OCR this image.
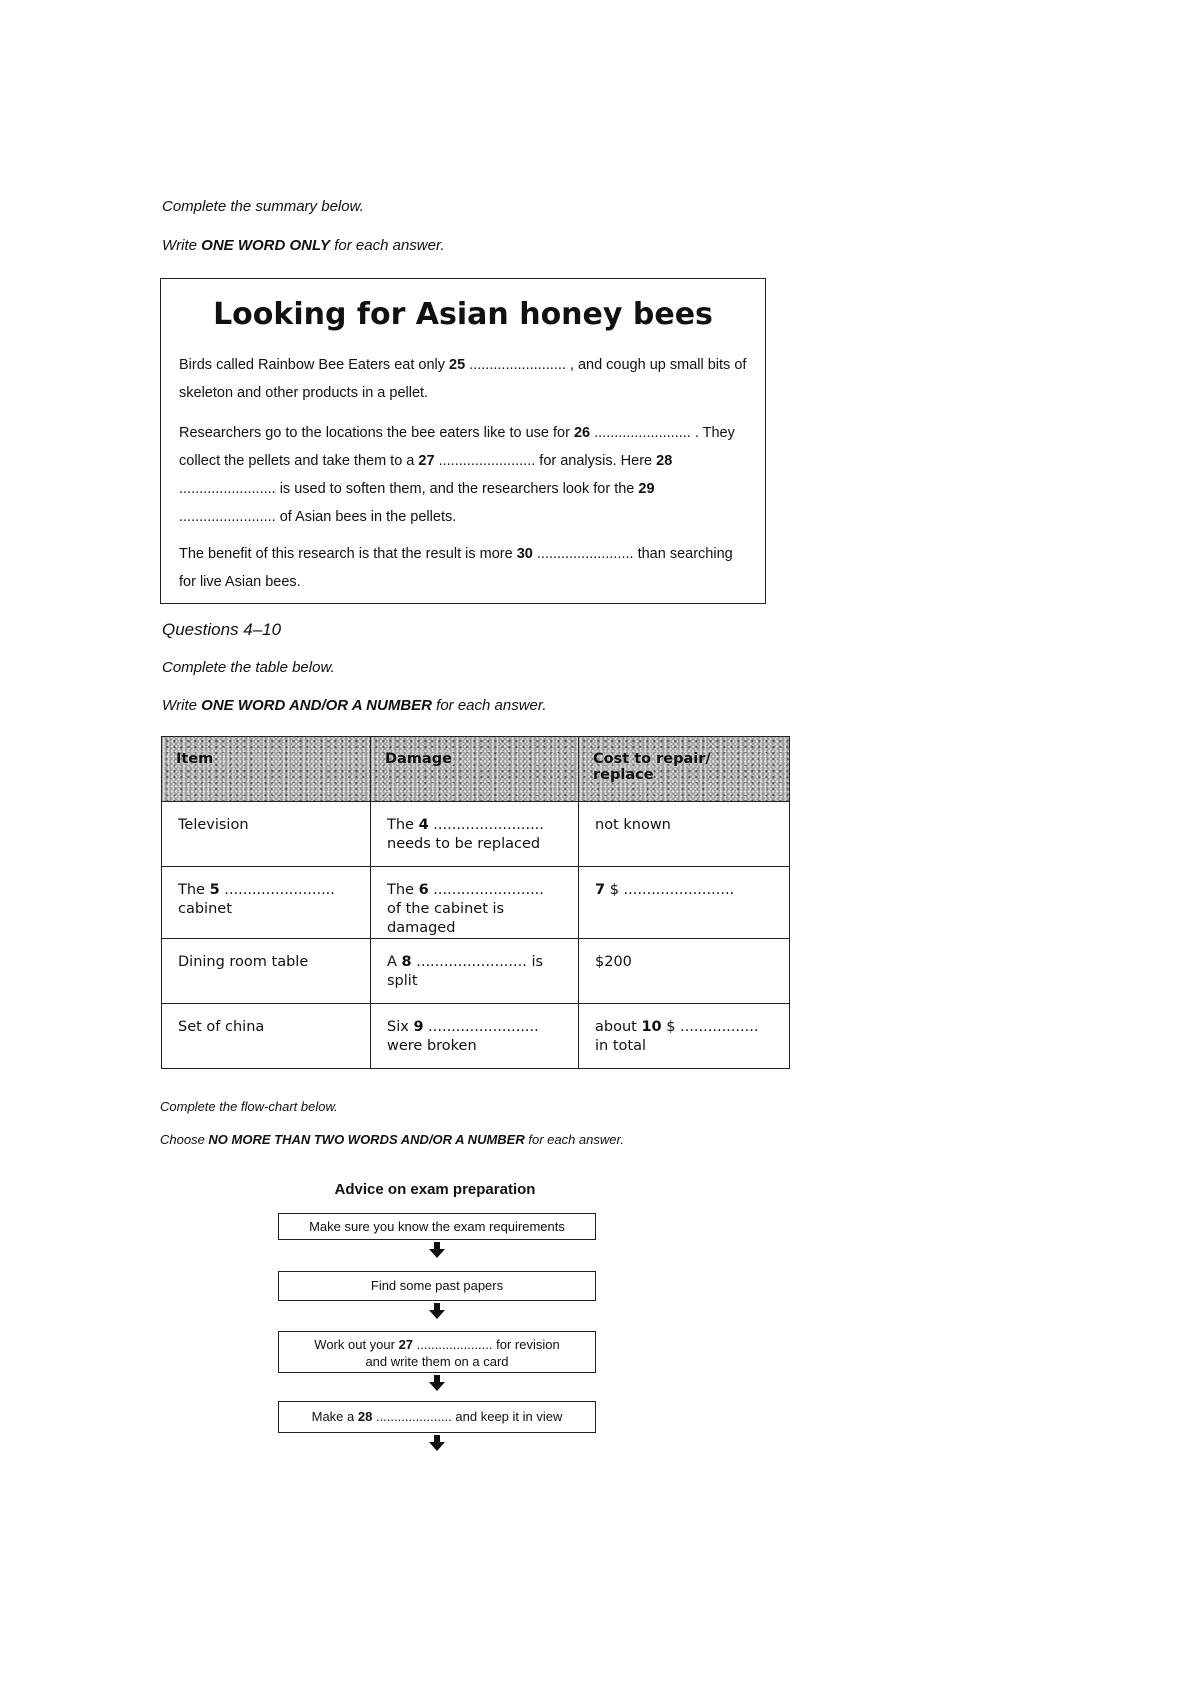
Complete the summary below.
Write ONE WORD ONLY for each answer.
Looking for Asian honey bees
Birds called Rainbow Bee Eaters eat only 25 ........................ , and cough up small bits of skeleton and other products in a pellet.
Researchers go to the locations the bee eaters like to use for 26 ........................ . They collect the pellets and take them to a 27 ........................ for analysis. Here 28 ........................ is used to soften them, and the researchers look for the 29 ........................ of Asian bees in the pellets.
The benefit of this research is that the result is more 30 ........................ than searching for live Asian bees.
Questions 4–10
Complete the table below.
Write ONE WORD AND/OR A NUMBER for each answer.
Item	Damage	Cost to repair/ replace
Television	The 4 ........................ needs to be replaced	not known
The 5 ........................ cabinet	The 6 ........................ of the cabinet is damaged	7 $ ........................
Dining room table	A 8 ........................ is split	$200
Set of china	Six 9 ........................ were broken	about 10 $ ................. in total
Complete the flow-chart below.
Choose NO MORE THAN TWO WORDS AND/OR A NUMBER for each answer.
Advice on exam preparation
Make sure you know the exam requirements
Find some past papers
Work out your 27 ..................... for revision
and write them on a card
Make a 28 ..................... and keep it in view
